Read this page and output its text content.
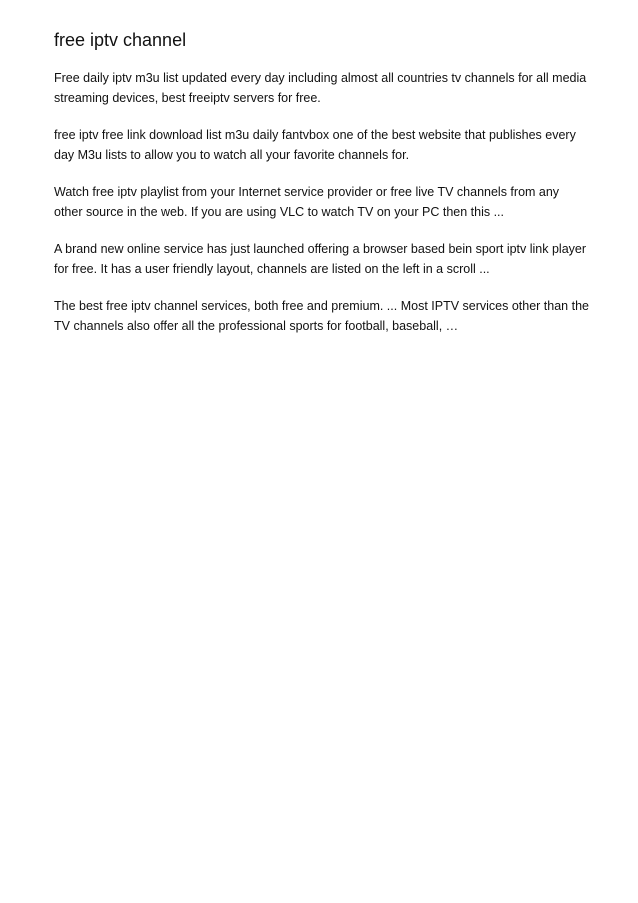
free iptv channel

Free daily iptv m3u list updated every day including almost all countries tv channels for all media streaming devices, best freeiptv servers for free.

free iptv free link download list m3u daily fantvbox one of the best website that publishes every day M3u lists to allow you to watch all your favorite channels for.

Watch free iptv playlist from your Internet service provider or free live TV channels from any other source in the web. If you are using VLC to watch TV on your PC then this ...

A brand new online service has just launched offering a browser based bein sport iptv link player for free. It has a user friendly layout, channels are listed on the left in a scroll ...

The best free iptv channel services, both free and premium. ... Most IPTV services other than the TV channels also offer all the professional sports for football, baseball, …
